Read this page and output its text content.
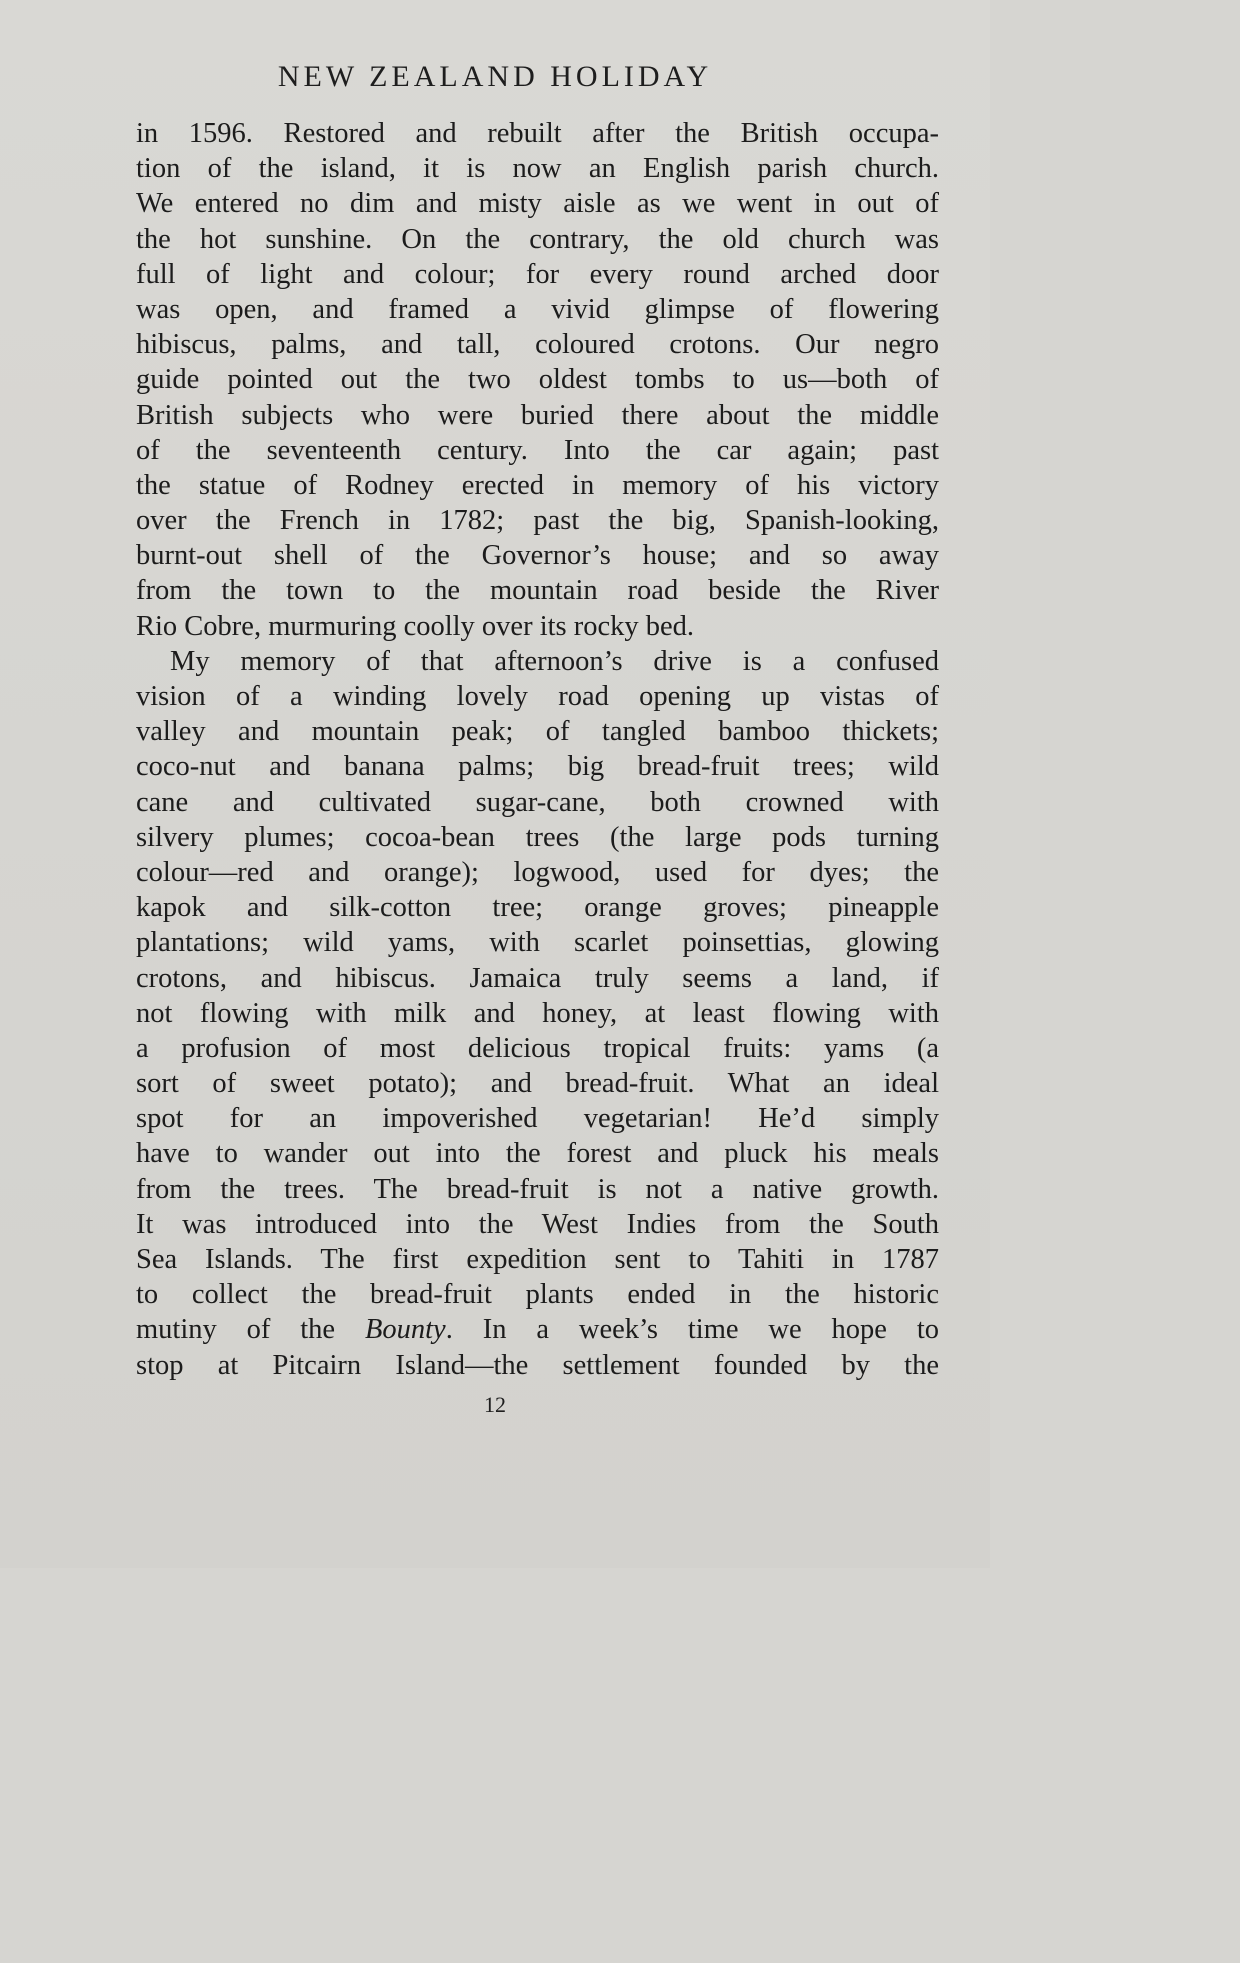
NEW ZEALAND HOLIDAY
in 1596. Restored and rebuilt after the British occupa-
tion of the island, it is now an English parish church.
We entered no dim and misty aisle as we went in out of
the hot sunshine. On the contrary, the old church was
full of light and colour; for every round arched door
was open, and framed a vivid glimpse of flowering
hibiscus, palms, and tall, coloured crotons. Our negro
guide pointed out the two oldest tombs to us—both of
British subjects who were buried there about the middle
of the seventeenth century. Into the car again; past
the statue of Rodney erected in memory of his victory
over the French in 1782; past the big, Spanish-looking,
burnt-out shell of the Governor’s house; and so away
from the town to the mountain road beside the River
Rio Cobre, murmuring coolly over its rocky bed.
My memory of that afternoon’s drive is a confused
vision of a winding lovely road opening up vistas of
valley and mountain peak; of tangled bamboo thickets;
coco-nut and banana palms; big bread-fruit trees; wild
cane and cultivated sugar-cane, both crowned with
silvery plumes; cocoa-bean trees (the large pods turning
colour—red and orange); logwood, used for dyes; the
kapok and silk-cotton tree; orange groves; pineapple
plantations; wild yams, with scarlet poinsettias, glowing
crotons, and hibiscus. Jamaica truly seems a land, if
not flowing with milk and honey, at least flowing with
a profusion of most delicious tropical fruits: yams (a
sort of sweet potato); and bread-fruit. What an ideal
spot for an impoverished vegetarian! He’d simply
have to wander out into the forest and pluck his meals
from the trees. The bread-fruit is not a native growth.
It was introduced into the West Indies from the South
Sea Islands. The first expedition sent to Tahiti in 1787
to collect the bread-fruit plants ended in the historic
mutiny of the Bounty. In a week’s time we hope to
stop at Pitcairn Island—the settlement founded by the
12
